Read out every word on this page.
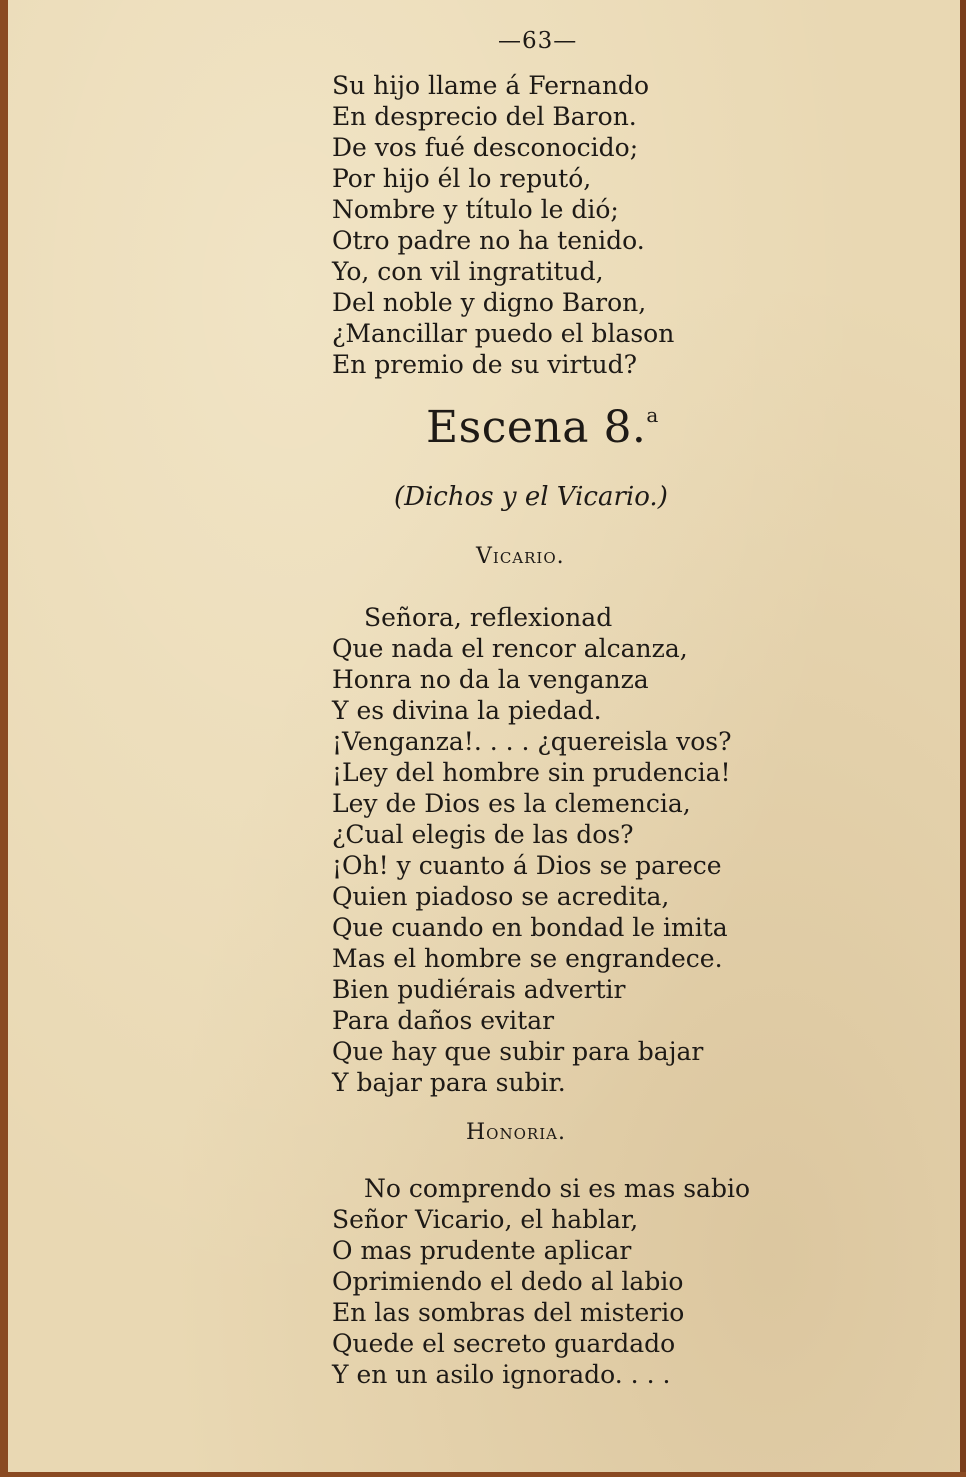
—63—
Su hijo llame á Fernando
En desprecio del Baron.
De vos fué desconocido;
Por hijo él lo reputó,
Nombre y título le dió;
Otro padre no ha tenido.
Yo, con vil ingratitud,
Del noble y digno Baron,
¿Mancillar puedo el blason
En premio de su virtud?
Escena 8.$^a$
(Dichos y el Vicario.)
Vicario.
Señora, reflexionad
Que nada el rencor alcanza,
Honra no da la venganza
Y es divina la piedad.
¡Venganza!. . . . ¿quereisla vos?
¡Ley del hombre sin prudencia!
Ley de Dios es la clemencia,
¿Cual elegis de las dos?
¡Oh! y cuanto á Dios se parece
Quien piadoso se acredita,
Que cuando en bondad le imita
Mas el hombre se engrandece.
Bien pudiérais advertir
Para daños evitar
Que hay que subir para bajar
Y bajar para subir.
Honoria.
No comprendo si es mas sabio
Señor Vicario, el hablar,
O mas prudente aplicar
Oprimiendo el dedo al labio
En las sombras del misterio
Quede el secreto guardado
Y en un asilo ignorado. . . .
